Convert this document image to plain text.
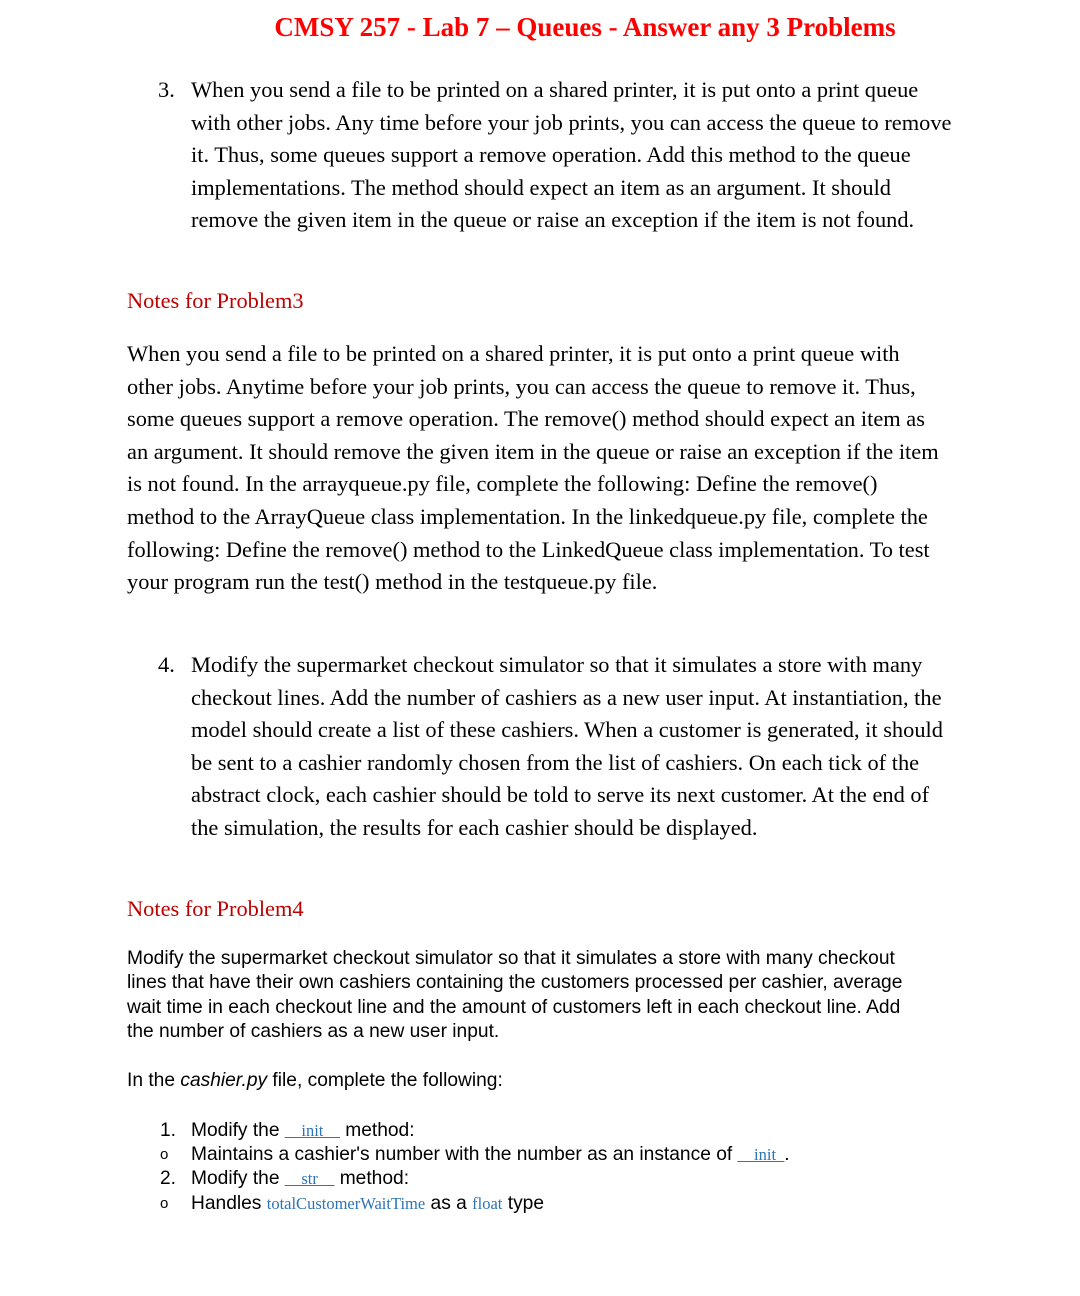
CMSY 257 - Lab 7 – Queues - Answer any 3 Problems
3. When you send a file to be printed on a shared printer, it is put onto a print queue with other jobs. Any time before your job prints, you can access the queue to remove it. Thus, some queues support a remove operation. Add this method to the queue implementations. The method should expect an item as an argument. It should remove the given item in the queue or raise an exception if the item is not found.
Notes for Problem3
When you send a file to be printed on a shared printer, it is put onto a print queue with other jobs. Anytime before your job prints, you can access the queue to remove it. Thus, some queues support a remove operation. The remove() method should expect an item as an argument. It should remove the given item in the queue or raise an exception if the item is not found. In the arrayqueue.py file, complete the following: Define the remove() method to the ArrayQueue class implementation. In the linkedqueue.py file, complete the following: Define the remove() method to the LinkedQueue class implementation. To test your program run the test() method in the testqueue.py file.
4. Modify the supermarket checkout simulator so that it simulates a store with many checkout lines. Add the number of cashiers as a new user input. At instantiation, the model should create a list of these cashiers. When a customer is generated, it should be sent to a cashier randomly chosen from the list of cashiers. On each tick of the abstract clock, each cashier should be told to serve its next customer. At the end of the simulation, the results for each cashier should be displayed.
Notes for Problem4
Modify the supermarket checkout simulator so that it simulates a store with many checkout lines that have their own cashiers containing the customers processed per cashier, average wait time in each checkout line and the amount of customers left in each checkout line. Add the number of cashiers as a new user input.
In the cashier.py file, complete the following:
1. Modify the __init__ method:
o Maintains a cashier's number with the number as an instance of __init_.
2. Modify the __str__ method:
o Handles totalCustomerWaitTime as a float type
